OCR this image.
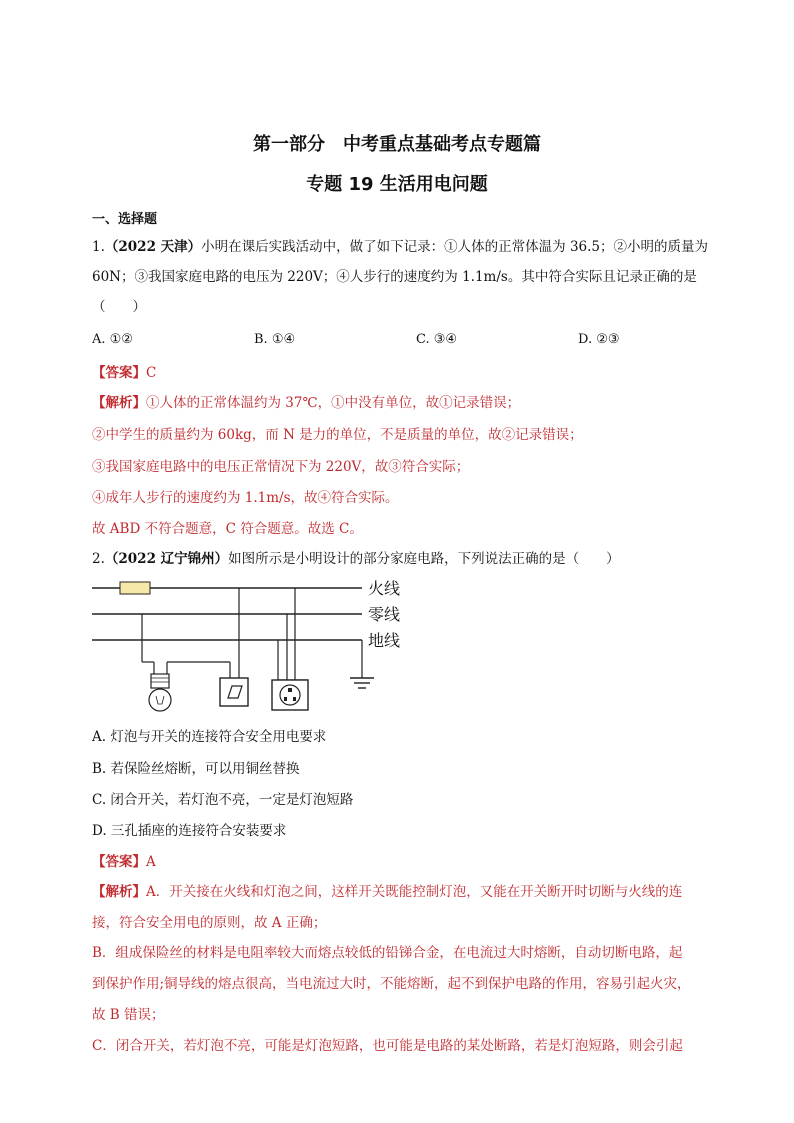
第一部分　中考重点基础考点专题篇
专题 19 生活用电问题
一、选择题
1.（2022 天津）小明在课后实践活动中，做了如下记录：①人体的正常体温为 36.5；②小明的质量为
60N；③我国家庭电路的电压为 220V；④人步行的速度约为 1.1m/s。其中符合实际且记录正确的是
（　　）
A. ①②	B. ①④	C. ③④	D. ②③
【答案】C
【解析】①人体的正常体温约为 37℃，①中没有单位，故①记录错误；
②中学生的质量约为 60kg，而 N 是力的单位，不是质量的单位，故②记录错误；
③我国家庭电路中的电压正常情况下为 220V，故③符合实际；
④成年人步行的速度约为 1.1m/s，故④符合实际。
故 ABD 不符合题意，C 符合题意。故选 C。
2.（2022 辽宁锦州）如图所示是小明设计的部分家庭电路，下列说法正确的是（　　）
火线
零线
地线
A. 灯泡与开关的连接符合安全用电要求
B. 若保险丝熔断，可以用铜丝替换
C. 闭合开关，若灯泡不亮，一定是灯泡短路
D. 三孔插座的连接符合安装要求
【答案】A
【解析】A．开关接在火线和灯泡之间，这样开关既能控制灯泡，又能在开关断开时切断与火线的连
接，符合安全用电的原则，故 A 正确；
B．组成保险丝的材料是电阻率较大而熔点较低的铅锑合金，在电流过大时熔断，自动切断电路，起
到保护作用;铜导线的熔点很高，当电流过大时，不能熔断，起不到保护电路的作用，容易引起火灾，
故 B 错误；
C．闭合开关，若灯泡不亮，可能是灯泡短路，也可能是电路的某处断路，若是灯泡短路，则会引起
